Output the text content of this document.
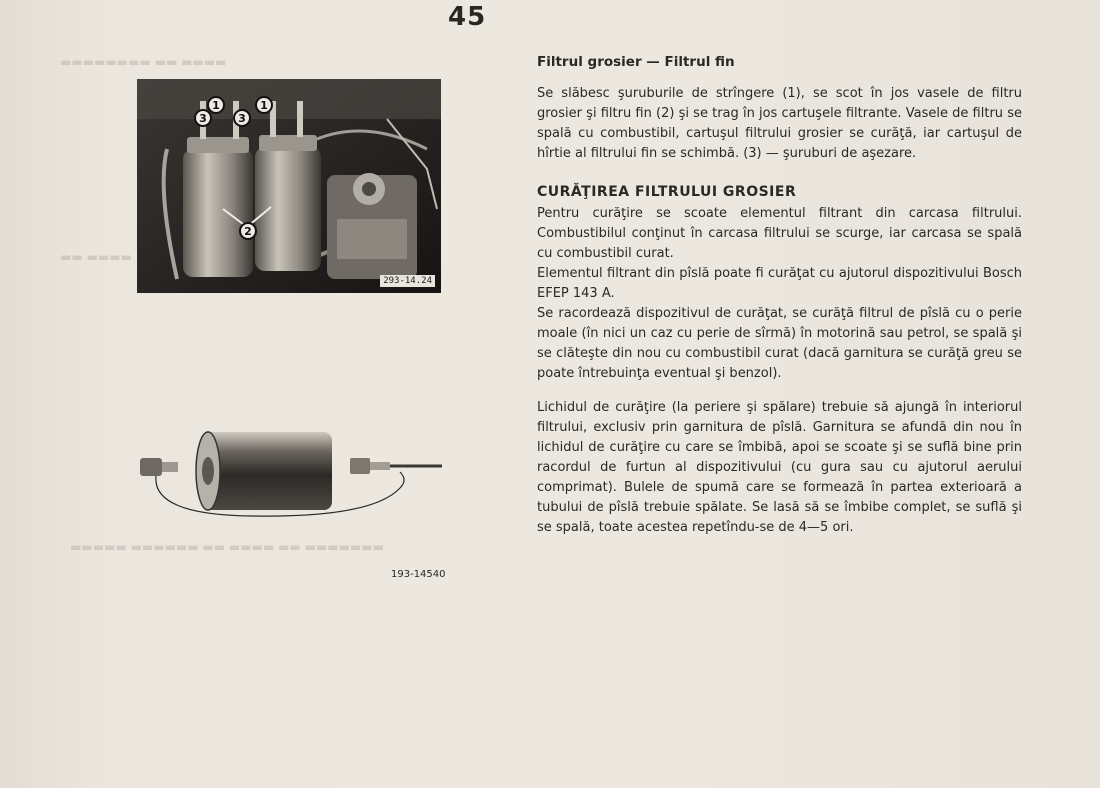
▬▬▬▬ ▬▬ ▬▬▬▬▬▬▬▬
▬▬▬▬ ▬▬
▬▬▬▬▬▬▬ ▬▬ ▬▬▬▬ ▬▬ ▬▬▬▬▬▬ ▬▬▬▬▬
45
3
1
3
1
2
293-14.24
193-14540
Filtrul grosier — Filtrul fin

Se slăbesc şuruburile de strîngere (1), se scot în jos vasele de filtru grosier şi filtru fin (2) şi se trag în jos cartuşele filtrante. Vasele de filtru se spală cu combustibil, cartuşul filtrului grosier se curăţă, iar cartuşul de hîrtie al filtrului fin se schimbă. (3) — şuruburi de aşezare.

CURĂŢIREA FILTRULUI GROSIER

Pentru curăţire se scoate elementul filtrant din carcasa filtrului. Combustibilul conţinut în carcasa filtrului se scurge, iar carcasa se spală cu combustibil curat.

Elementul filtrant din pîslă poate fi curăţat cu ajutorul dispozitivului Bosch EFEP 143 A.

Se racordează dispozitivul de curăţat, se curăţă filtrul de pîslă cu o perie moale (în nici un caz cu perie de sîrmă) în motorină sau petrol, se spală şi se clăteşte din nou cu combustibil curat (dacă garnitura se curăţă greu se poate întrebuinţa eventual şi benzol).

Lichidul de curăţire (la periere şi spălare) trebuie să ajungă în interiorul filtrului, exclusiv prin garnitura de pîslă. Garnitura se afundă din nou în lichidul de curăţire cu care se îmbibă, apoi se scoate şi se suflă bine prin racordul de furtun al dispozitivului (cu gura sau cu ajutorul aerului comprimat). Bulele de spumă care se formează în partea exterioară a tubului de pîslă trebuie spălate. Se lasă să se îmbibe complet, se suflă şi se spală, toate acestea repetîndu-se de 4—5 ori.
